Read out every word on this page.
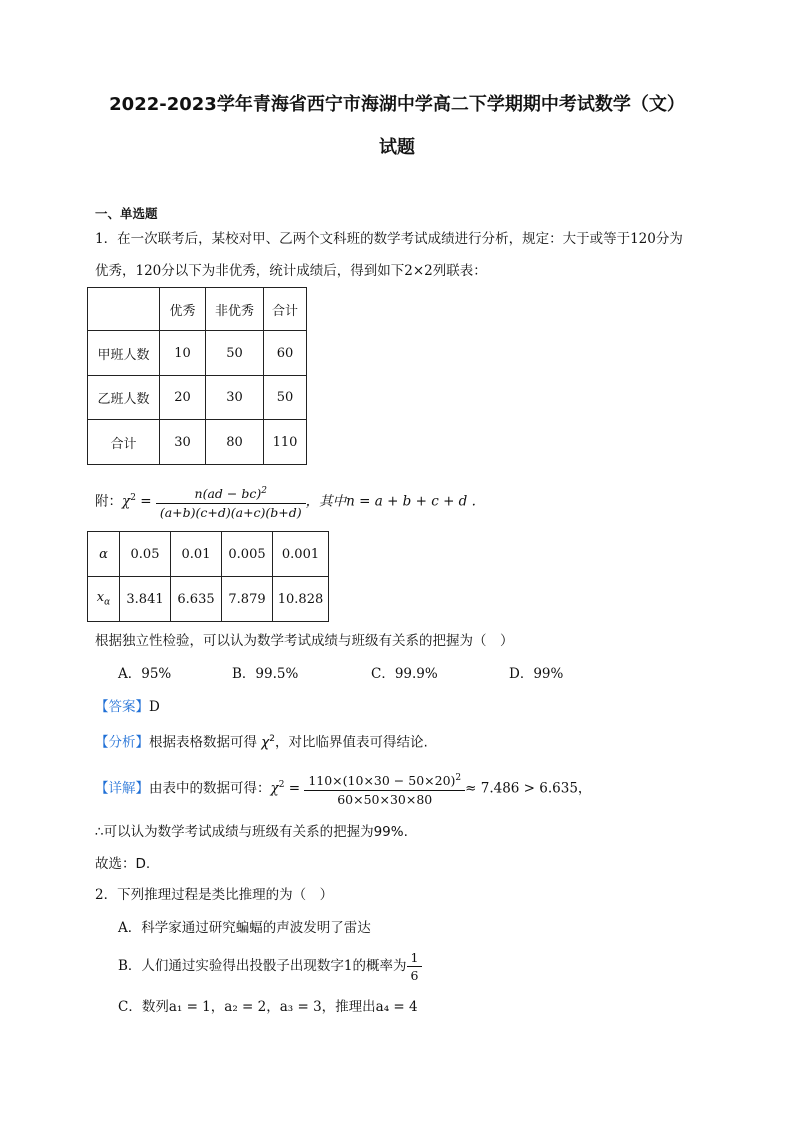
2022-2023学年青海省西宁市海湖中学高二下学期期中考试数学（文）
试题
一、单选题
1．在一次联考后，某校对甲、乙两个文科班的数学考试成绩进行分析，规定：大于或等于120分为
优秀，120分以下为非优秀，统计成绩后，得到如下2×2列联表：
	优秀	非优秀	合计
甲班人数	10	50	60
乙班人数	20	30	50
合计	30	80	110
附：$\chi^2 = \frac{n(ad - bc)^2}{(a+b)(c+d)(a+c)(b+d)}$ ，其中n = a + b + c + d .
α	0.05	0.01	0.005	0.001
$x_\alpha$	3.841	6.635	7.879	10.828
根据独立性检验，可以认为数学考试成绩与班级有关系的把握为（　）
A．95%	B．99.5%	C．99.9%	D．99%
【答案】D
【分析】根据表格数据可得 $\chi^2$，对比临界值表可得结论.
【详解】由表中的数据可得：$\chi^2 = \frac{110\times(10\times 30 - 50\times 20)^2}{60\times 50\times 30\times 80} \approx 7.486 > 6.635$，
∴可以认为数学考试成绩与班级有关系的把握为99%.
故选：D.
2．下列推理过程是类比推理的为（　）
A．科学家通过研究蝙蝠的声波发明了雷达
B．人们通过实验得出投骰子出现数字1的概率为 $\frac{1}{6}$
C．数列a₁ = 1，a₂ = 2，a₃ = 3，推理出a₄ = 4
